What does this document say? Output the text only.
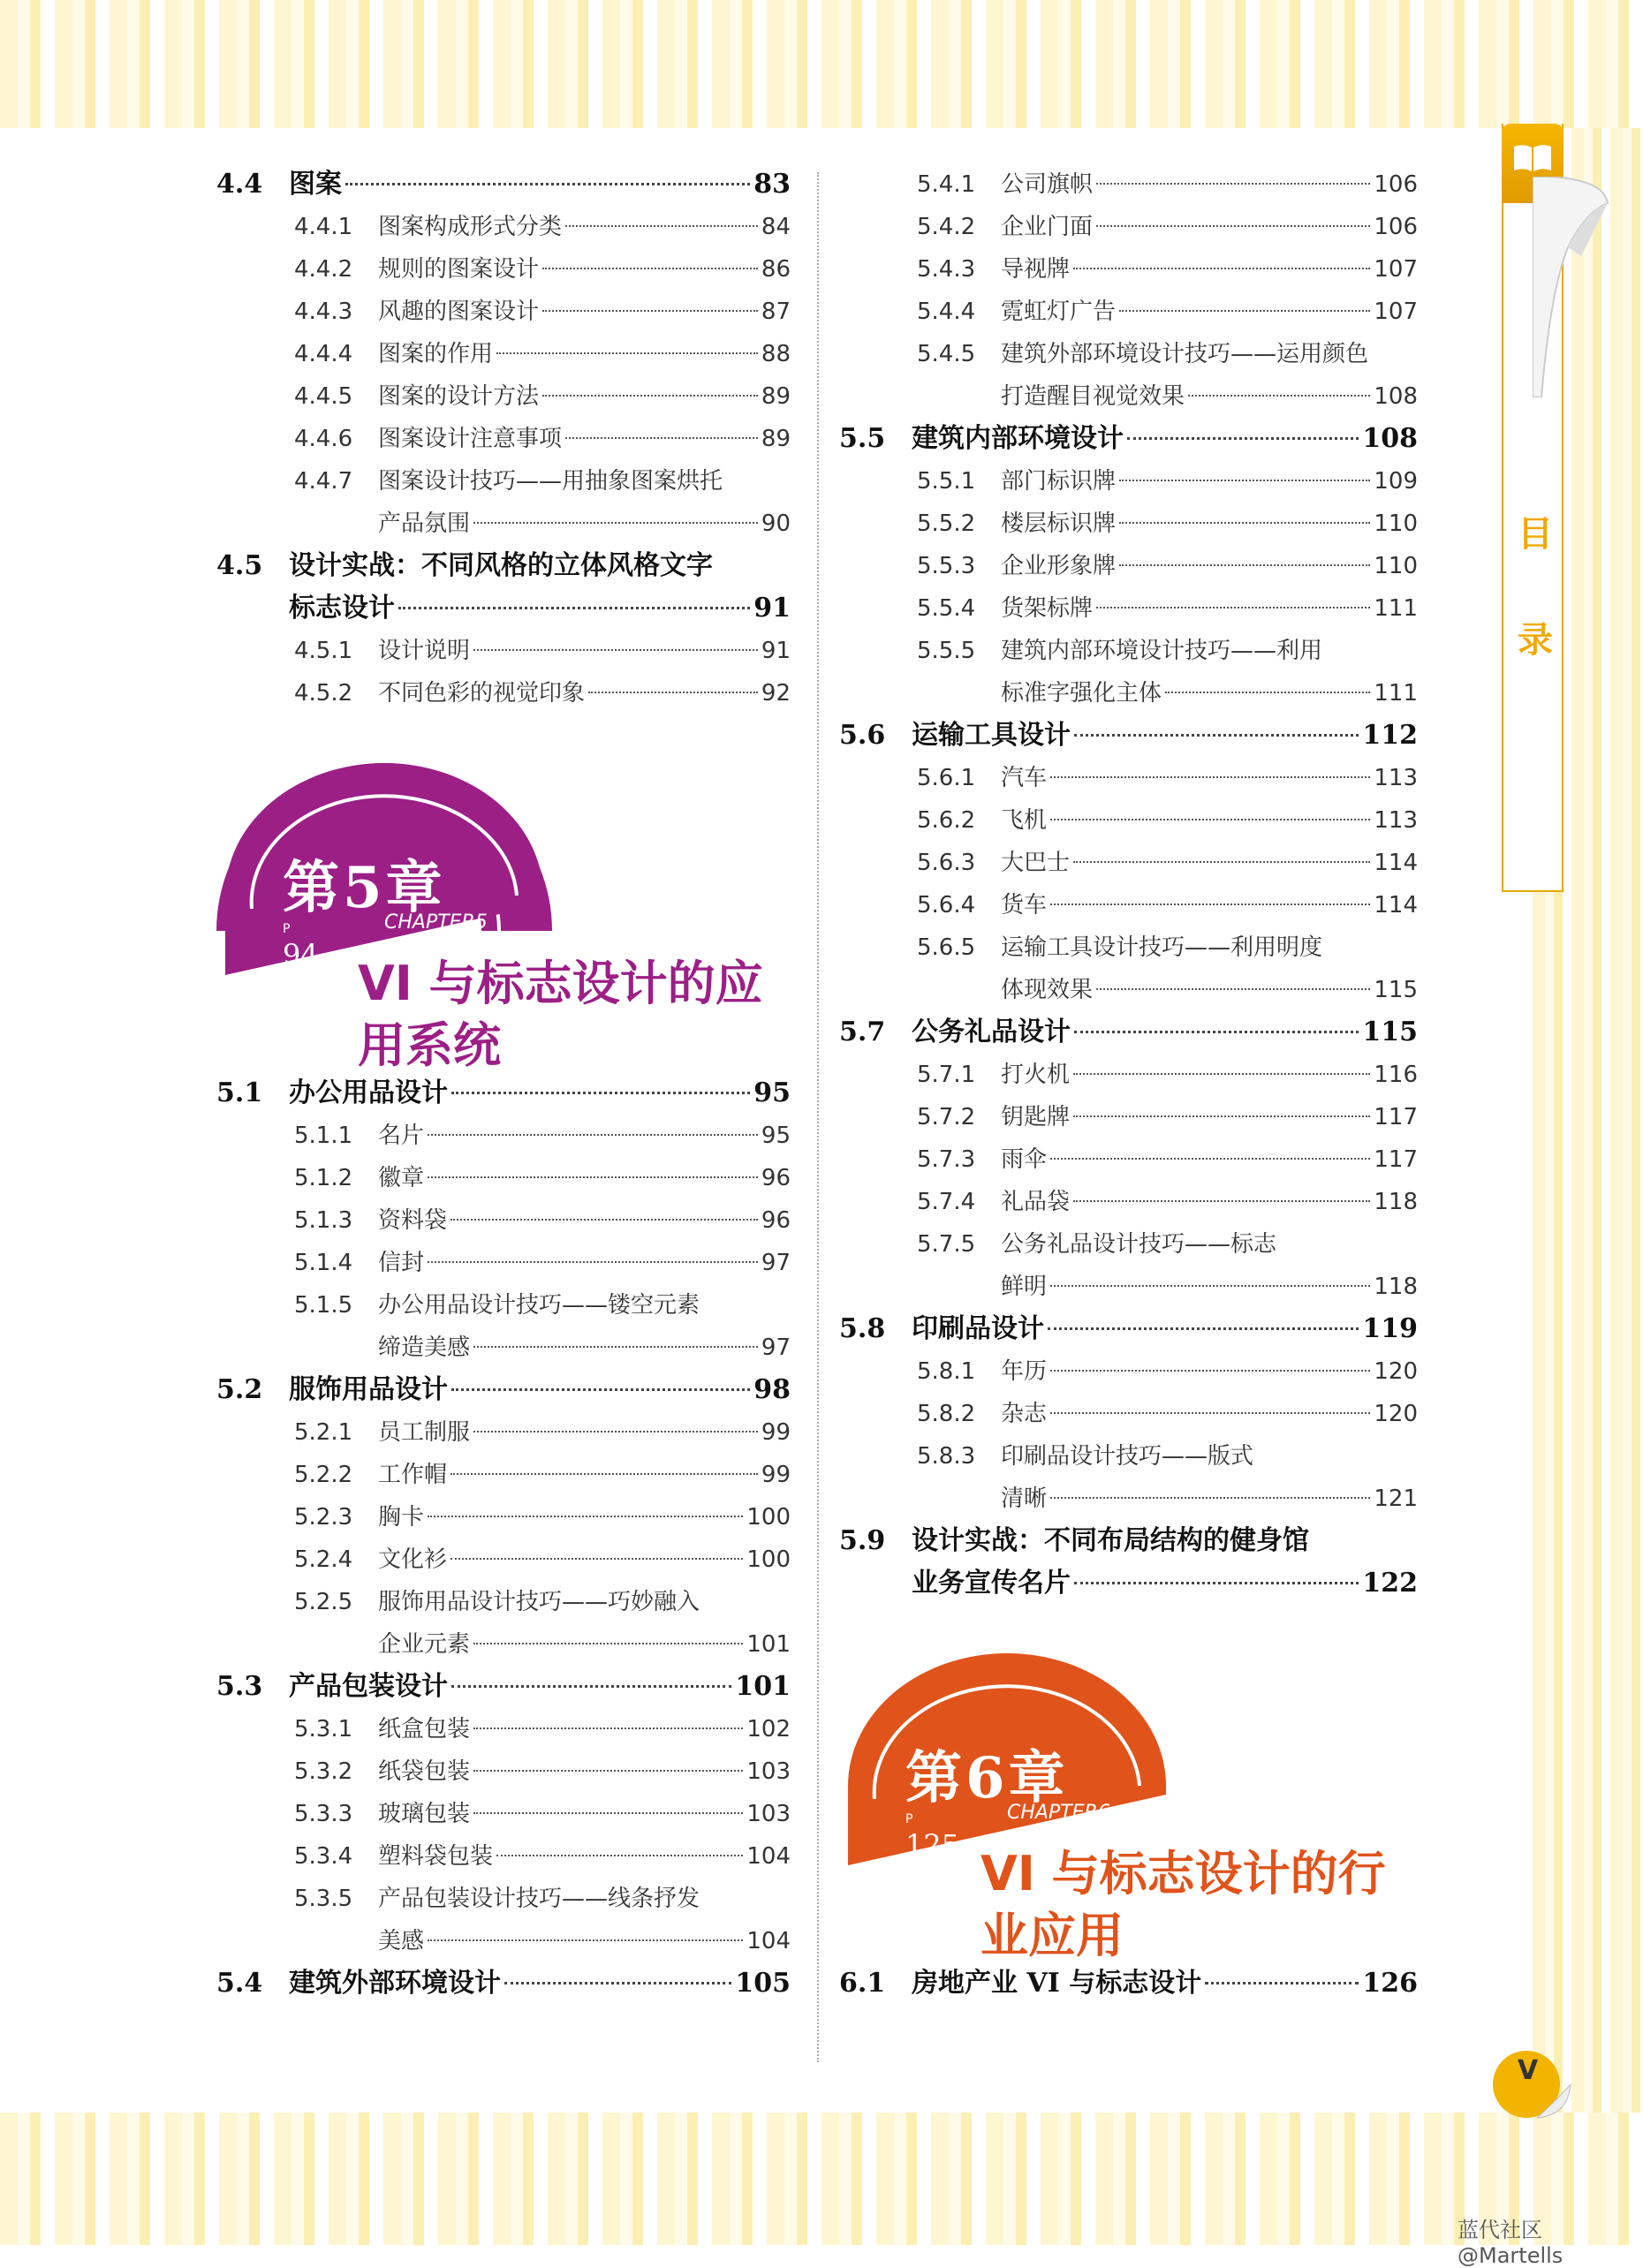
目录
4.4 图案	83
4.4.1	图案构成形式分类	84
4.4.2	规则的图案设计	86
4.4.3	风趣的图案设计	87
4.4.4	图案的作用	88
4.4.5	图案的设计方法	89
4.4.6	图案设计注意事项	89
4.4.7	图案设计技巧——用抽象图案烘托
产品氛围	90
4.5 设计实战：不同风格的立体风格文字
标志设计	91
4.5.1	设计说明	91
4.5.2	不同色彩的视觉印象	92
第5章
CHAPTER5
P
94
VI 与标志设计的应
用系统
5.1 办公用品设计	95
5.1.1	名片	95
5.1.2	徽章	96
5.1.3	资料袋	96
5.1.4	信封	97
5.1.5	办公用品设计技巧——镂空元素
缔造美感	97
5.2 服饰用品设计	98
5.2.1	员工制服	99
5.2.2	工作帽	99
5.2.3	胸卡	100
5.2.4	文化衫	100
5.2.5	服饰用品设计技巧——巧妙融入
企业元素	101
5.3 产品包装设计	101
5.3.1	纸盒包装	102
5.3.2	纸袋包装	103
5.3.3	玻璃包装	103
5.3.4	塑料袋包装	104
5.3.5	产品包装设计技巧——线条抒发
美感	104
5.4 建筑外部环境设计	105
5.4.1	公司旗帜	106
5.4.2	企业门面	106
5.4.3	导视牌	107
5.4.4	霓虹灯广告	107
5.4.5	建筑外部环境设计技巧——运用颜色
打造醒目视觉效果	108
5.5 建筑内部环境设计	108
5.5.1	部门标识牌	109
5.5.2	楼层标识牌	110
5.5.3	企业形象牌	110
5.5.4	货架标牌	111
5.5.5	建筑内部环境设计技巧——利用
标准字强化主体	111
5.6 运输工具设计	112
5.6.1	汽车	113
5.6.2	飞机	113
5.6.3	大巴士	114
5.6.4	货车	114
5.6.5	运输工具设计技巧——利用明度
体现效果	115
5.7 公务礼品设计	115
5.7.1	打火机	116
5.7.2	钥匙牌	117
5.7.3	雨伞	117
5.7.4	礼品袋	118
5.7.5	公务礼品设计技巧——标志
鲜明	118
5.8 印刷品设计	119
5.8.1	年历	120
5.8.2	杂志	120
5.8.3	印刷品设计技巧——版式
清晰	121
5.9 设计实战：不同布局结构的健身馆
业务宣传名片	122
第6章
CHAPTER6
P
125
VI 与标志设计的行
业应用
6.1 房地产业 VI 与标志设计	126
V
蓝代社区@Martells
